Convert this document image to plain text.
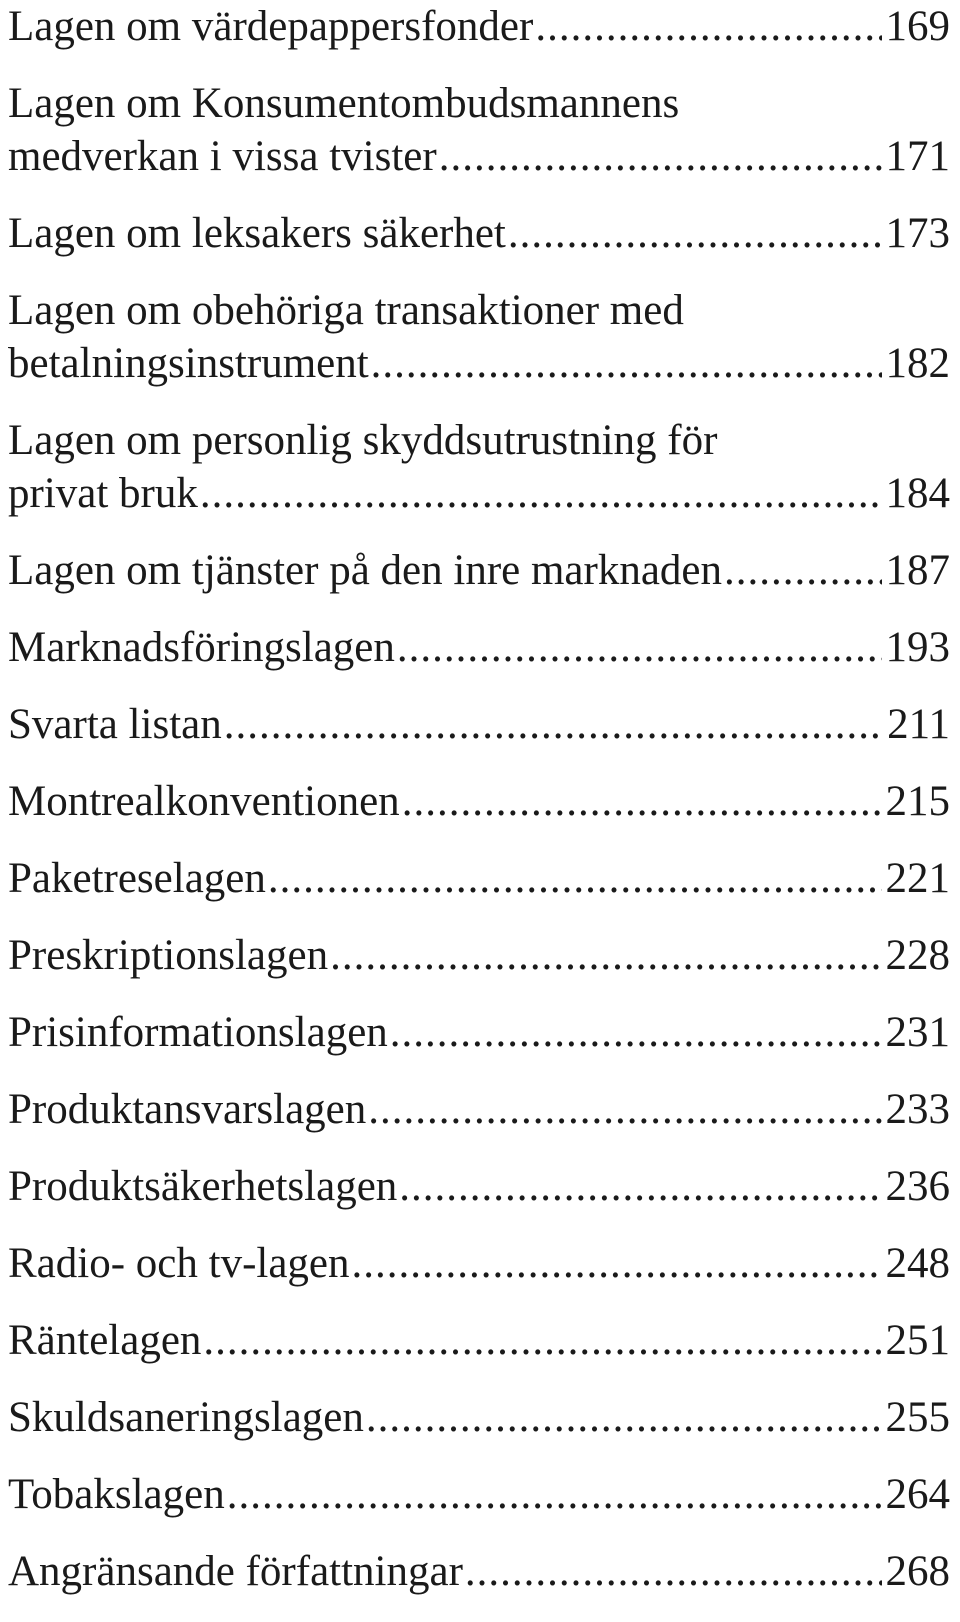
Lagen om värdepappersfonder .....	169
Lagen om Konsumentombudsmannens
medverkan i vissa tvister .....	171
Lagen om leksakers säkerhet .....	173
Lagen om obehöriga transaktioner med
betalningsinstrument .....	182
Lagen om personlig skyddsutrustning för
privat bruk .....	184
Lagen om tjänster på den inre marknaden .....	187
Marknadsföringslagen .....	193
Svarta listan .....	211
Montrealkonventionen .....	215
Paketreselagen .....	221
Preskriptionslagen .....	228
Prisinformationslagen .....	231
Produktansvarslagen .....	233
Produktsäkerhetslagen .....	236
Radio- och tv-lagen .....	248
Räntelagen .....	251
Skuldsaneringslagen .....	255
Tobakslagen .....	264
Angränsande författningar .....	268
